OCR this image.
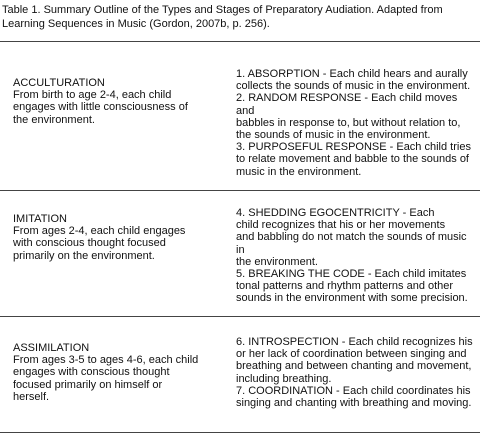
Table 1. Summary Outline of the Types and Stages of Preparatory Audiation. Adapted from
Learning Sequences in Music (Gordon, 2007b, p. 256).
ACCULTURATION
From birth to age 2-4, each child
engages with little consciousness of
the environment.
1. ABSORPTION - Each child hears and aurally
collects the sounds of music in the environment.
2. RANDOM RESPONSE - Each child moves and
babbles in response to, but without relation to,
the sounds of music in the environment.
3. PURPOSEFUL RESPONSE - Each child tries
to relate movement and babble to the sounds of
music in the environment.
IMITATION
From ages 2-4, each child engages
with conscious thought focused
primarily on the environment.
4. SHEDDING EGOCENTRICITY - Each
child recognizes that his or her movements
and babbling do not match the sounds of music in
the environment.
5. BREAKING THE CODE - Each child imitates
tonal patterns and rhythm patterns and other
sounds in the environment with some precision.
ASSIMILATION
From ages 3-5 to ages 4-6, each child
engages with conscious thought
focused primarily on himself or
herself.
6. INTROSPECTION - Each child recognizes his
or her lack of coordination between singing and
breathing and between chanting and movement,
including breathing.
7. COORDINATION - Each child coordinates his
singing and chanting with breathing and moving.
